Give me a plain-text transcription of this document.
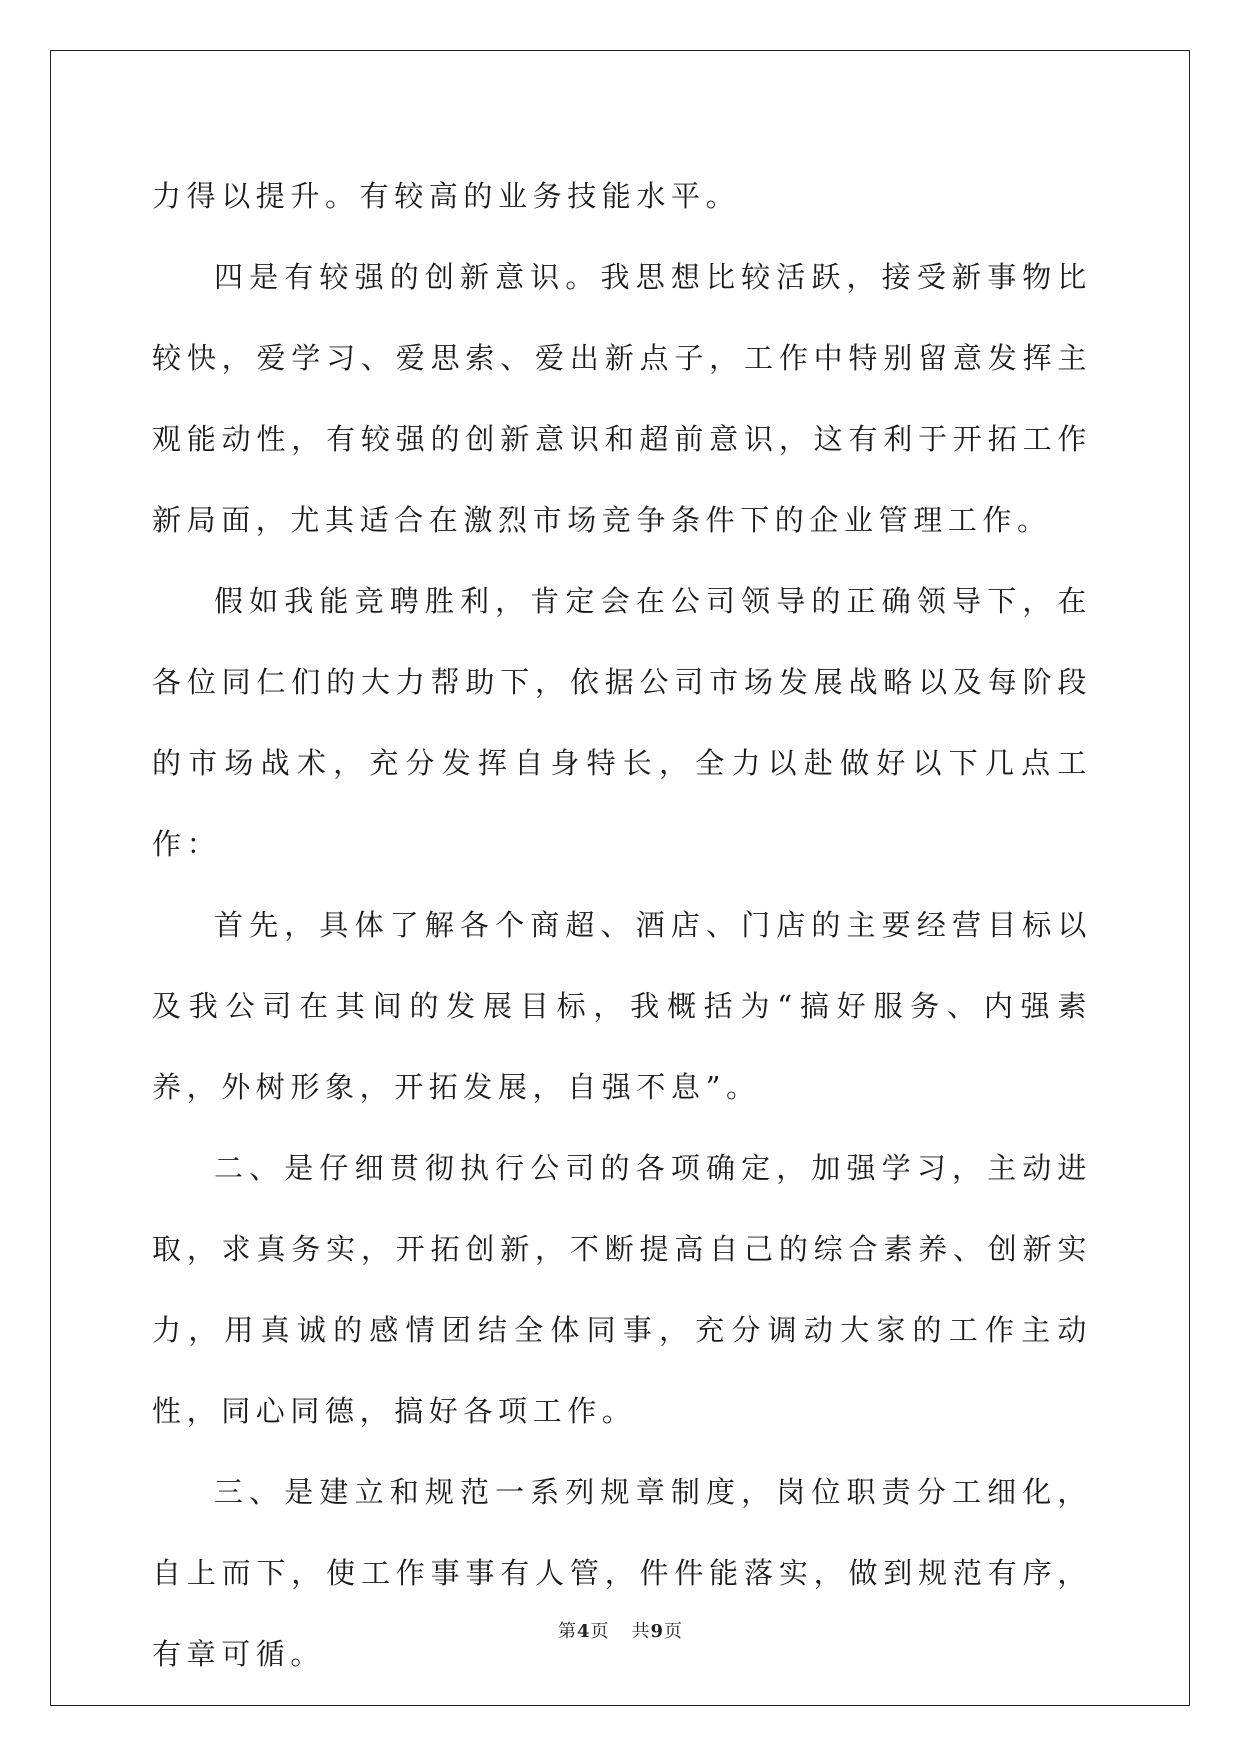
力得以提升。有较高的业务技能水平。

四是有较强的创新意识。我思想比较活跃，接受新事物比较快，爱学习、爱思索、爱出新点子，工作中特别留意发挥主观能动性，有较强的创新意识和超前意识，这有利于开拓工作新局面，尤其适合在激烈市场竞争条件下的企业管理工作。

假如我能竞聘胜利，肯定会在公司领导的正确领导下，在各位同仁们的大力帮助下，依据公司市场发展战略以及每阶段的市场战术，充分发挥自身特长，全力以赴做好以下几点工作：

首先，具体了解各个商超、酒店、门店的主要经营目标以及我公司在其间的发展目标，我概括为“搞好服务、内强素养，外树形象，开拓发展，自强不息”。

二、是仔细贯彻执行公司的各项确定，加强学习，主动进取，求真务实，开拓创新，不断提高自己的综合素养、创新实力，用真诚的感情团结全体同事，充分调动大家的工作主动性，同心同德，搞好各项工作。

三、是建立和规范一系列规章制度，岗位职责分工细化，自上而下，使工作事事有人管，件件能落实，做到规范有序，有章可循。

第4页 共9页
